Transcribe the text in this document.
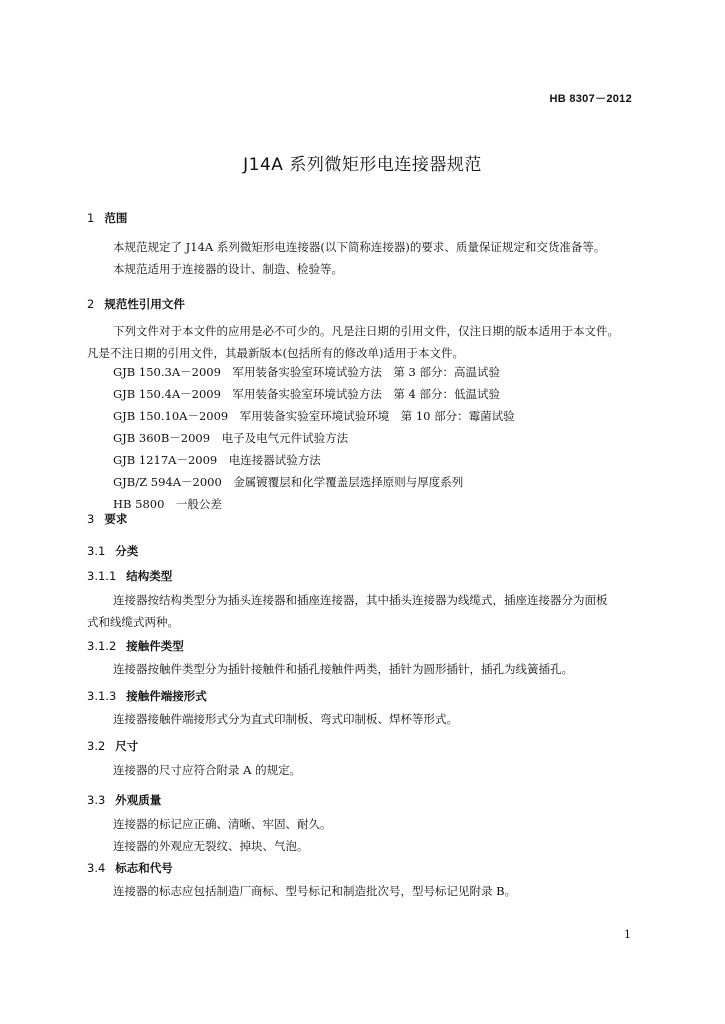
HB 8307－2012
J14A 系列微矩形电连接器规范
1 范围
本规范规定了 J14A 系列微矩形电连接器(以下简称连接器)的要求、质量保证规定和交货准备等。
本规范适用于连接器的设计、制造、检验等。
2 规范性引用文件
下列文件对于本文件的应用是必不可少的。凡是注日期的引用文件，仅注日期的版本适用于本文件。
凡是不注日期的引用文件，其最新版本(包括所有的修改单)适用于本文件。
GJB 150.3A－2009　军用装备实验室环境试验方法　第 3 部分：高温试验
GJB 150.4A－2009　军用装备实验室环境试验方法　第 4 部分：低温试验
GJB 150.10A－2009　军用装备实验室环境试验环境　第 10 部分：霉菌试验
GJB 360B－2009　电子及电气元件试验方法
GJB 1217A－2009　电连接器试验方法
GJB/Z 594A－2000　金属镀覆层和化学覆盖层选择原则与厚度系列
HB 5800　一般公差
3 要求
3.1 分类
3.1.1 结构类型
连接器按结构类型分为插头连接器和插座连接器，其中插头连接器为线缆式，插座连接器分为面板
式和线缆式两种。
3.1.2 接触件类型
连接器按触件类型分为插针接触件和插孔接触件两类，插针为圆形插针，插孔为线簧插孔。
3.1.3 接触件端接形式
连接器接触件端接形式分为直式印制板、弯式印制板、焊杯等形式。
3.2 尺寸
连接器的尺寸应符合附录 A 的规定。
3.3 外观质量
连接器的标记应正确、清晰、牢固、耐久。
连接器的外观应无裂纹、掉块、气泡。
3.4 标志和代号
连接器的标志应包括制造厂商标、型号标记和制造批次号，型号标记见附录 B。
1
